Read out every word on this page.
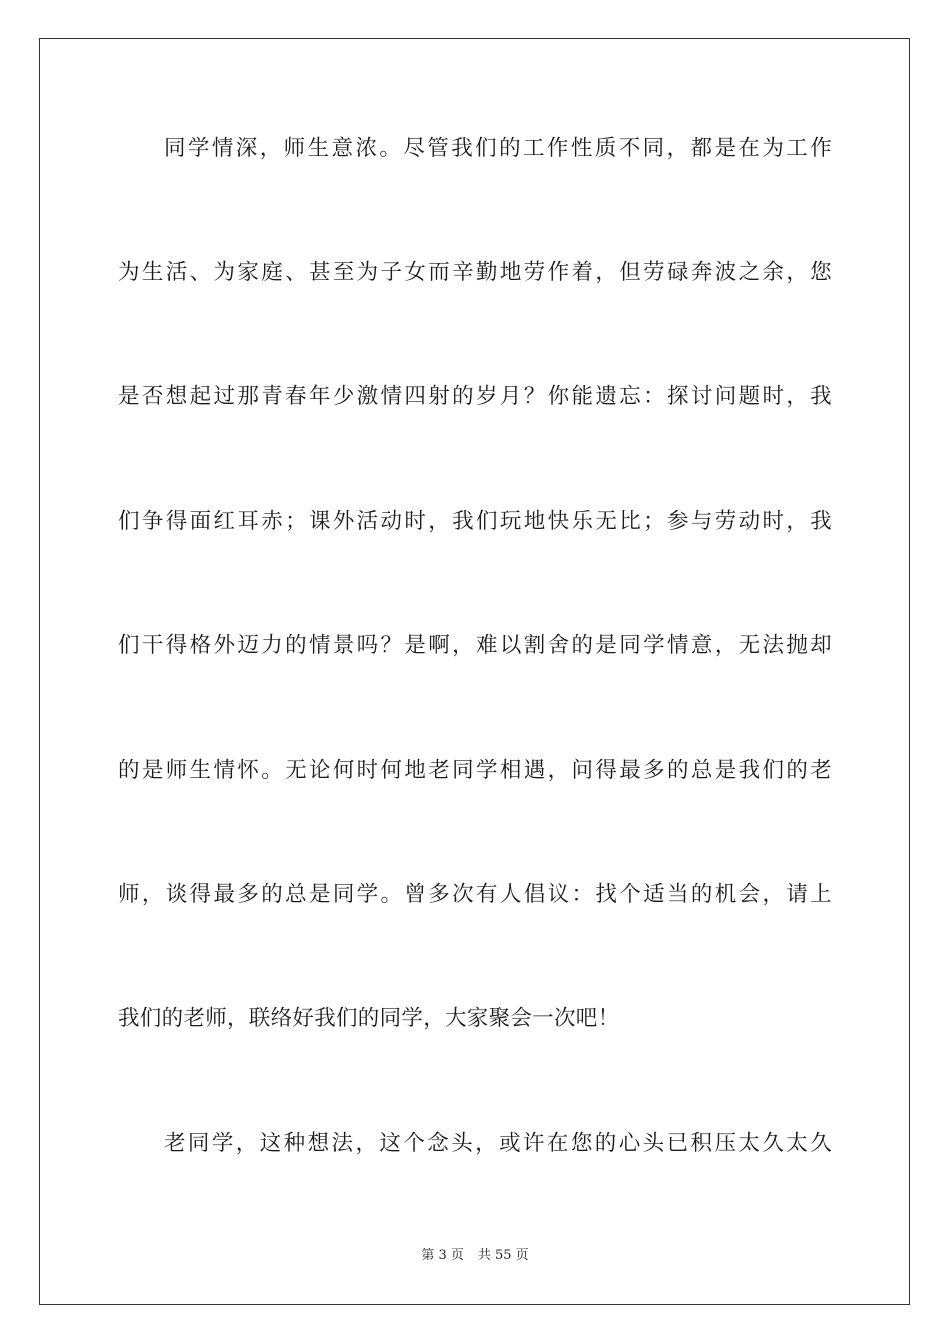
同学情深，师生意浓。尽管我们的工作性质不同，都是在为工作
为生活、为家庭、甚至为子女而辛勤地劳作着，但劳碌奔波之余，您
是否想起过那青春年少激情四射的岁月？你能遗忘：探讨问题时，我
们争得面红耳赤；课外活动时，我们玩地快乐无比；参与劳动时，我
们干得格外迈力的情景吗？是啊，难以割舍的是同学情意，无法抛却
的是师生情怀。无论何时何地老同学相遇，问得最多的总是我们的老
师，谈得最多的总是同学。曾多次有人倡议：找个适当的机会，请上
我们的老师，联络好我们的同学，大家聚会一次吧！
老同学，这种想法，这个念头，或许在您的心头已积压太久太久
第 3 页 共 55 页
